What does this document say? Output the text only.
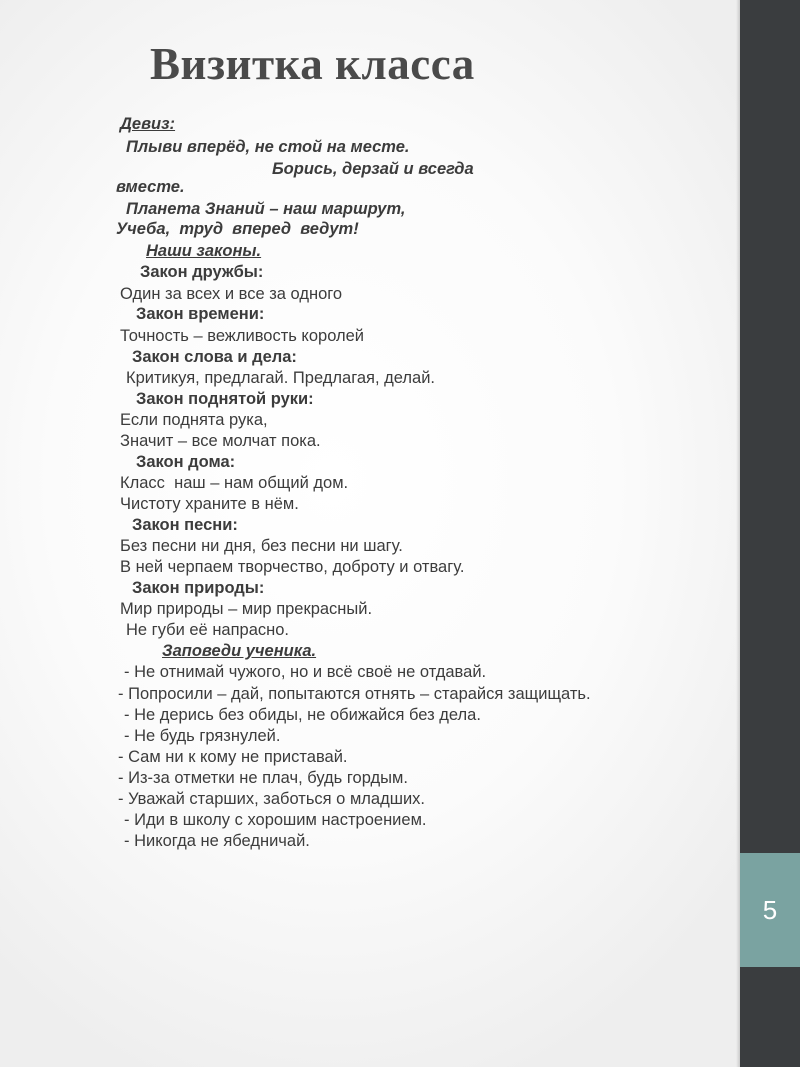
5
Визитка класса
Девиз:
Плыви вперёд, не стой на месте.
Борись, дерзай и всегда
вместе.
Планета Знаний – наш маршрут,
Учеба,  труд  вперед  ведут!
Наши законы.
Закон дружбы:
Один за всех и все за одного
Закон времени:
Точность – вежливость королей
Закон слова и дела:
Критикуя, предлагай. Предлагая, делай.
Закон поднятой руки:
Если поднята рука,
Значит – все молчат пока.
Закон дома:
Класс  наш – нам общий дом.
Чистоту храните в нём.
Закон песни:
Без песни ни дня, без песни ни шагу.
В ней черпаем творчество, доброту и отвагу.
Закон природы:
Мир природы – мир прекрасный.
Не губи её напрасно.
Заповеди ученика.
- Не отнимай чужого, но и всё своё не отдавай.
- Попросили – дай, попытаются отнять – старайся защищать.
- Не дерись без обиды, не обижайся без дела.
- Не будь грязнулей.
- Сам ни к кому не приставай.
- Из-за отметки не плач, будь гордым.
- Уважай старших, заботься о младших.
- Иди в школу с хорошим настроением.
- Никогда не ябедничай.
